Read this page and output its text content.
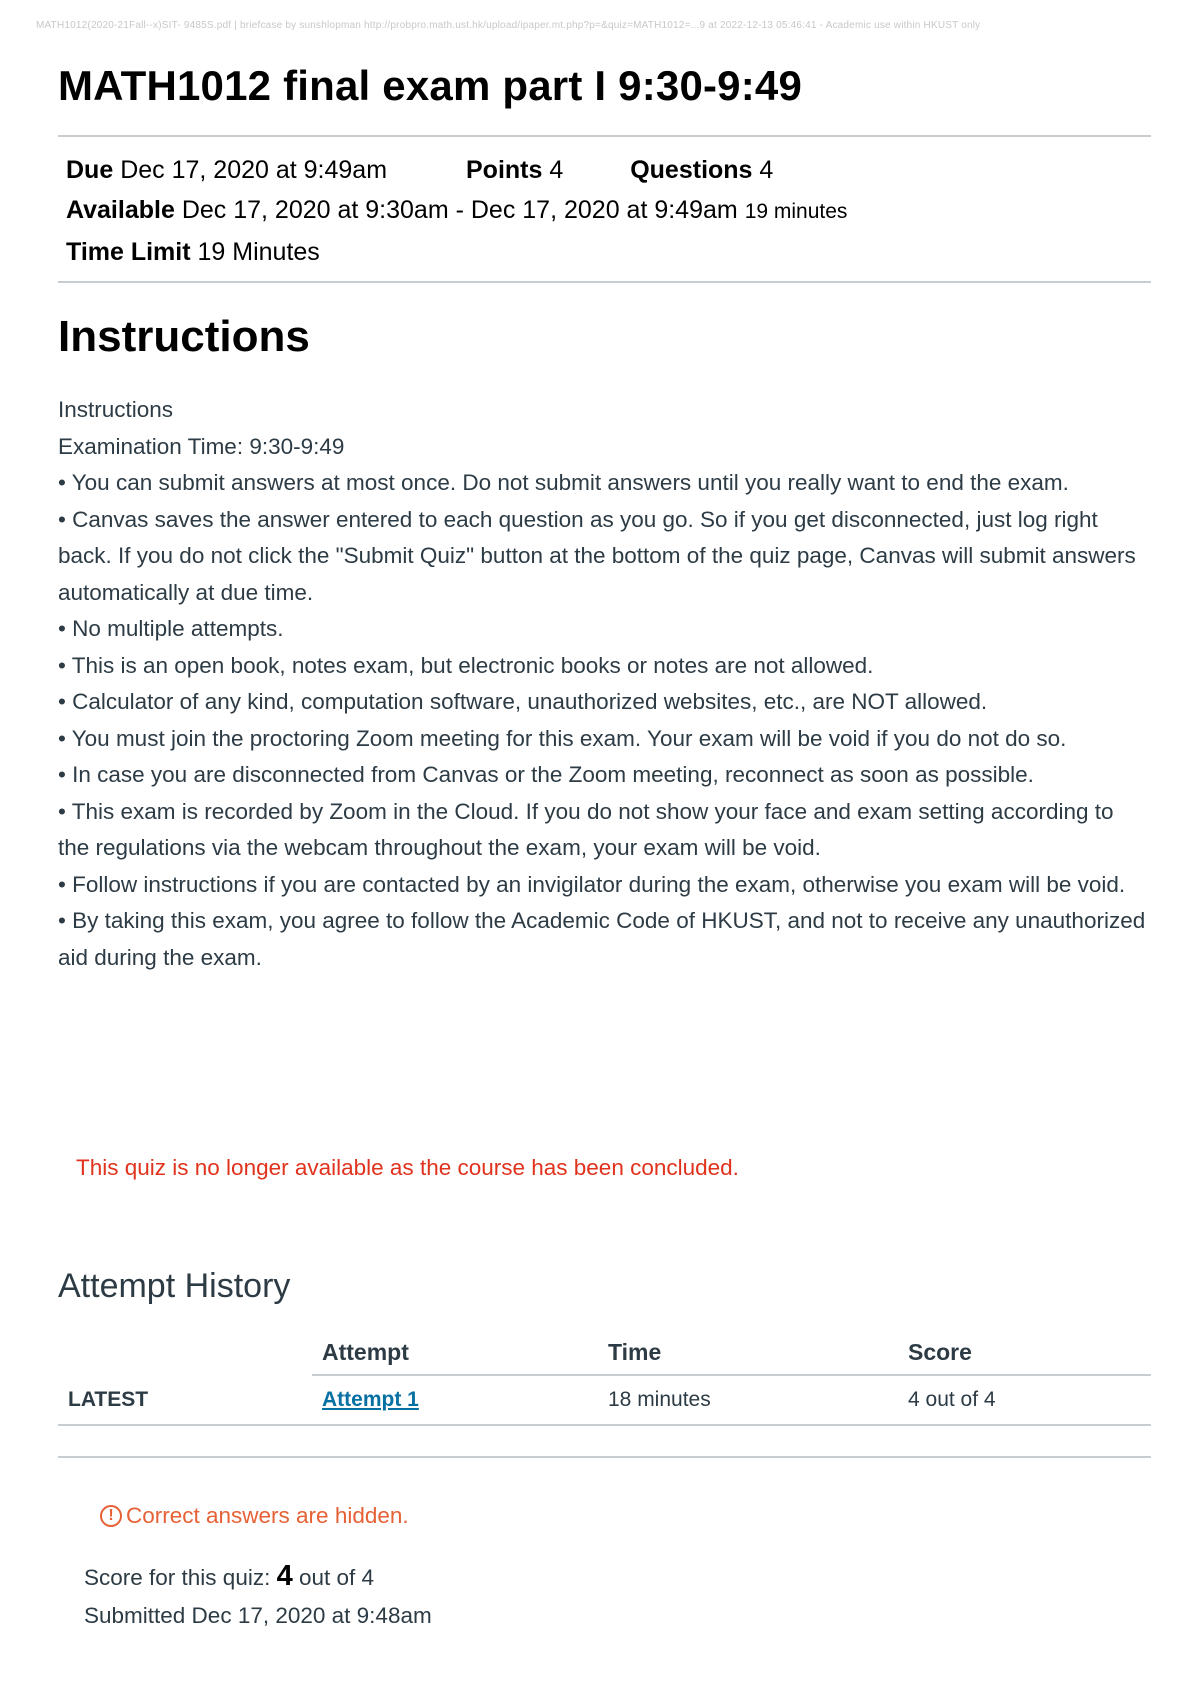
MATH1012(2020-21Fall--x)SIT- 9485S.pdf | briefcase by sunshlopman http://probpro.math.ust.hk/upload/ipaper.mt.php?p=&quiz=MATH1012=...9 at 2022-12-13 05:46:41 - Academic use within HKUST only
MATH1012 final exam part I 9:30-9:49
Due Dec 17, 2020 at 9:49am	Points 4	Questions 4
Available Dec 17, 2020 at 9:30am - Dec 17, 2020 at 9:49am 19 minutes
Time Limit 19 Minutes
Instructions

Instructions

Examination Time: 9:30-9:49

• You can submit answers at most once. Do not submit answers until you really want to end the exam.

• Canvas saves the answer entered to each question as you go. So if you get disconnected, just log right back. If you do not click the "Submit Quiz" button at the bottom of the quiz page, Canvas will submit answers automatically at due time.

• No multiple attempts.

• This is an open book, notes exam, but electronic books or notes are not allowed.

• Calculator of any kind, computation software, unauthorized websites, etc., are NOT allowed.

• You must join the proctoring Zoom meeting for this exam. Your exam will be void if you do not do so.

• In case you are disconnected from Canvas or the Zoom meeting, reconnect as soon as possible.

• This exam is recorded by Zoom in the Cloud. If you do not show your face and exam setting according to the regulations via the webcam throughout the exam, your exam will be void.

• Follow instructions if you are contacted by an invigilator during the exam, otherwise you exam will be void.

• By taking this exam, you agree to follow the Academic Code of HKUST, and not to receive any unauthorized aid during the exam.

This quiz is no longer available as the course has been concluded.
Attempt History
	Attempt	Time	Score
LATEST	Attempt 1	18 minutes	4 out of 4
! Correct answers are hidden.
Score for this quiz: 4 out of 4
Submitted Dec 17, 2020 at 9:48am
